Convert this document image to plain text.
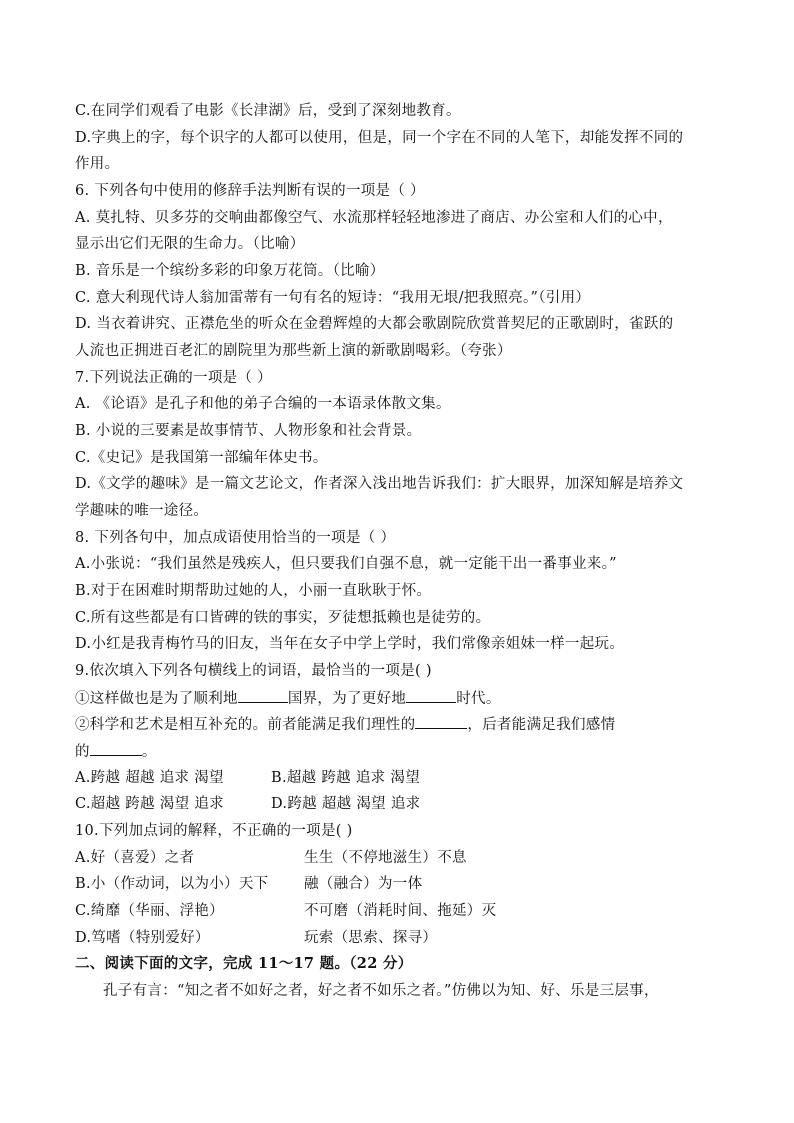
C.在同学们观看了电影《长津湖》后，受到了深刻地教育。
D.字典上的字，每个识字的人都可以使用，但是，同一个字在不同的人笔下，却能发挥不同的
作用。
6. 下列各句中使用的修辞手法判断有误的一项是（ ）
A. 莫扎特、贝多芬的交响曲都像空气、水流那样轻轻地渗进了商店、办公室和人们的心中，
显示出它们无限的生命力。（比喻）
B. 音乐是一个缤纷多彩的印象万花筒。（比喻）
C. 意大利现代诗人翁加雷蒂有一句有名的短诗：“我用无垠/把我照亮。”（引用）
D. 当衣着讲究、正襟危坐的听众在金碧辉煌的大都会歌剧院欣赏普契尼的正歌剧时，雀跃的
人流也正拥进百老汇的剧院里为那些新上演的新歌剧喝彩。（夸张）
7.下列说法正确的一项是（ ）
A. 《论语》是孔子和他的弟子合编的一本语录体散文集。
B. 小说的三要素是故事情节、人物形象和社会背景。
C.《史记》是我国第一部编年体史书。
D.《文学的趣味》是一篇文艺论文，作者深入浅出地告诉我们：扩大眼界，加深知解是培养文
学趣味的唯一途径。
8. 下列各句中，加点成语使用恰当的一项是（ ）
A.小张说：“我们虽然是残疾人，但只要我们自强不息，就一定能干出一番事业来。”
B.对于在困难时期帮助过她的人，小丽一直耿耿于怀。
C.所有这些都是有口皆碑的铁的事实，歹徒想抵赖也是徒劳的。
D.小红是我青梅竹马的旧友，当年在女子中学上学时，我们常像亲姐妹一样一起玩。
9.依次填入下列各句横线上的词语，最恰当的一项是( )
①这样做也是为了顺利地	国界，为了更好地	时代。
②科学和艺术是相互补充的。前者能满足我们理性的	，后者能满足我们感情
的	。
A.跨越 超越 追求 渴望	B.超越 跨越 追求 渴望
C.超越 跨越 渴望 追求	D.跨越 超越 渴望 追求
10.下列加点词的解释，不正确的一项是( )
A.好（喜爱）之者	生生（不停地滋生）不息
B.小（作动词，以为小）天下 融（融合）为一体
C.绮靡（华丽、浮艳）	不可磨（消耗时间、拖延）灭
D.笃嗜（特别爱好）	玩索（思索、探寻）
二、阅读下面的文字，完成 11～17 题。（22 分）
孔子有言：“知之者不如好之者，好之者不如乐之者。”仿佛以为知、好、乐是三层事，
